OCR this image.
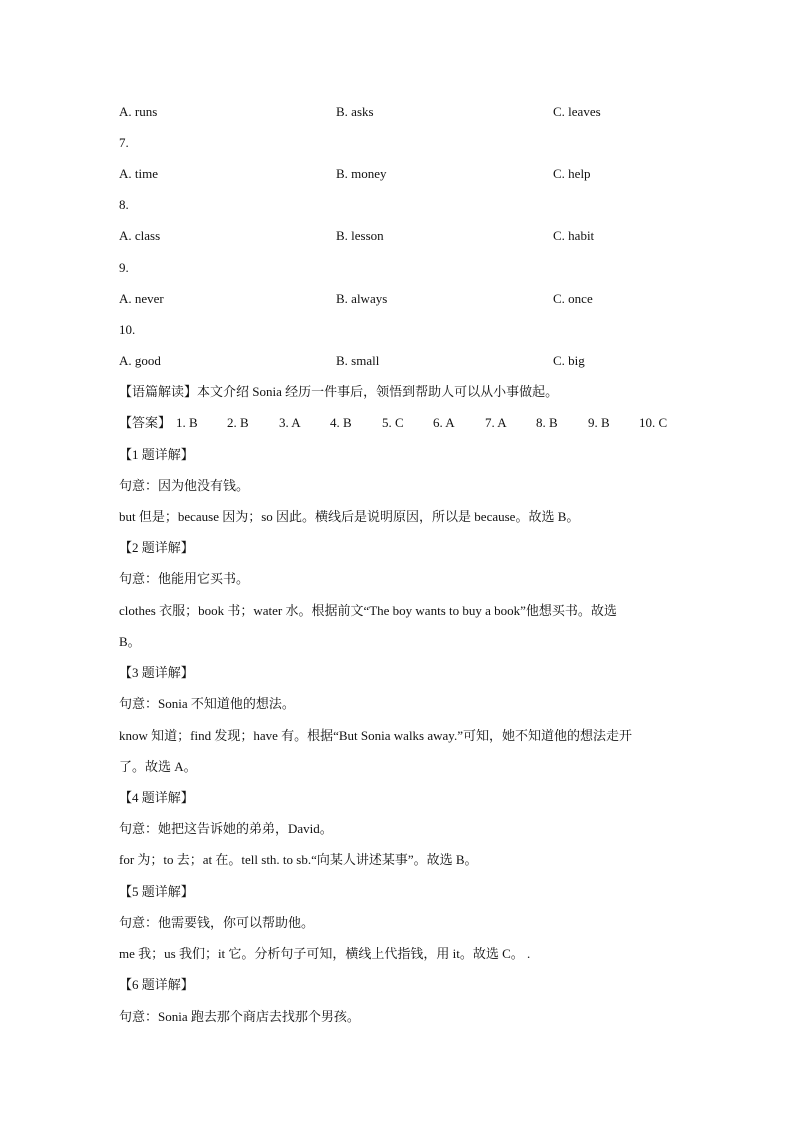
A. runs	B. asks	C. leaves
7.
A. time	B. money	C. help
8.
A. class	B. lesson	C. habit
9.
A. never	B. always	C. once
10.
A. good	B. small	C. big
【语篇解读】本文介绍 Sonia 经历一件事后，领悟到帮助人可以从小事做起。
【答案】 1. B 2. B 3. A 4. B 5. C 6. A 7. A 8. B 9. B 10. C
【1 题详解】
句意：因为他没有钱。
but 但是；because 因为；so 因此。横线后是说明原因，所以是 because。故选 B。
【2 题详解】
句意：他能用它买书。
clothes 衣服；book 书；water 水。根据前文“The boy wants to buy a book”他想买书。故选
B。
【3 题详解】
句意：Sonia 不知道他的想法。
know 知道；find 发现；have 有。根据“But Sonia walks away.”可知，她不知道他的想法走开
了。故选 A。
【4 题详解】
句意：她把这告诉她的弟弟，David。
for 为；to 去；at 在。tell sth. to sb.“向某人讲述某事”。故选 B。
【5 题详解】
句意：他需要钱，你可以帮助他。
me 我；us 我们；it 它。分析句子可知，横线上代指钱，用 it。故选 C。 .
【6 题详解】
句意：Sonia 跑去那个商店去找那个男孩。
